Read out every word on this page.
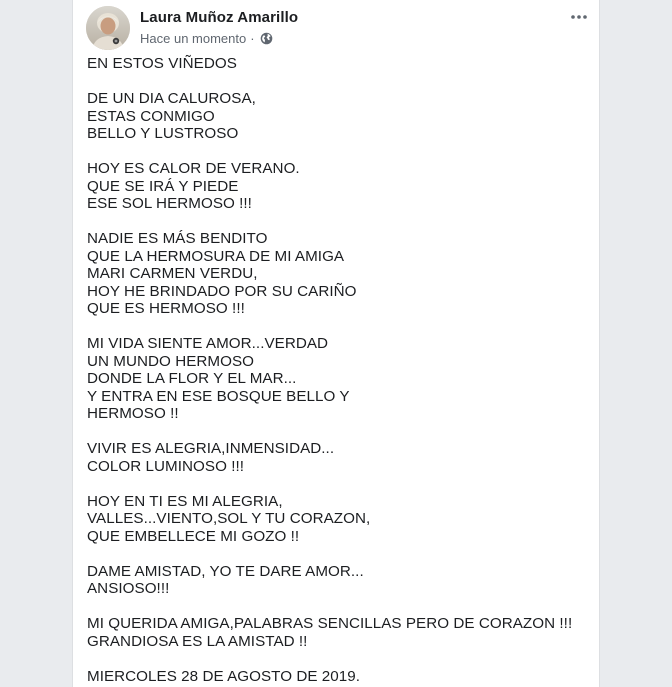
Laura Muñoz Amarillo
Hace un momento ·
EN ESTOS VIÑEDOS
DE UN DIA CALUROSA,
ESTAS CONMIGO
BELLO Y LUSTROSO
HOY ES CALOR DE VERANO.
QUE SE IRÁ Y PIEDE
ESE SOL HERMOSO !!!
NADIE ES MÁS BENDITO
QUE LA HERMOSURA DE MI AMIGA
MARI CARMEN VERDU,
HOY HE BRINDADO POR SU CARIÑO
QUE ES HERMOSO !!!
MI VIDA SIENTE AMOR...VERDAD
UN MUNDO HERMOSO
DONDE LA FLOR Y EL MAR...
Y ENTRA EN ESE BOSQUE BELLO Y
HERMOSO !!
VIVIR ES ALEGRIA,INMENSIDAD...
COLOR LUMINOSO !!!
HOY EN TI ES MI ALEGRIA,
VALLES...VIENTO,SOL Y TU CORAZON,
QUE EMBELLECE MI GOZO !!
DAME AMISTAD, YO TE DARE AMOR...
ANSIOSO!!!
MI QUERIDA AMIGA,PALABRAS SENCILLAS PERO DE CORAZON !!!
GRANDIOSA ES LA AMISTAD !!
MIERCOLES 28 DE AGOSTO DE 2019.
